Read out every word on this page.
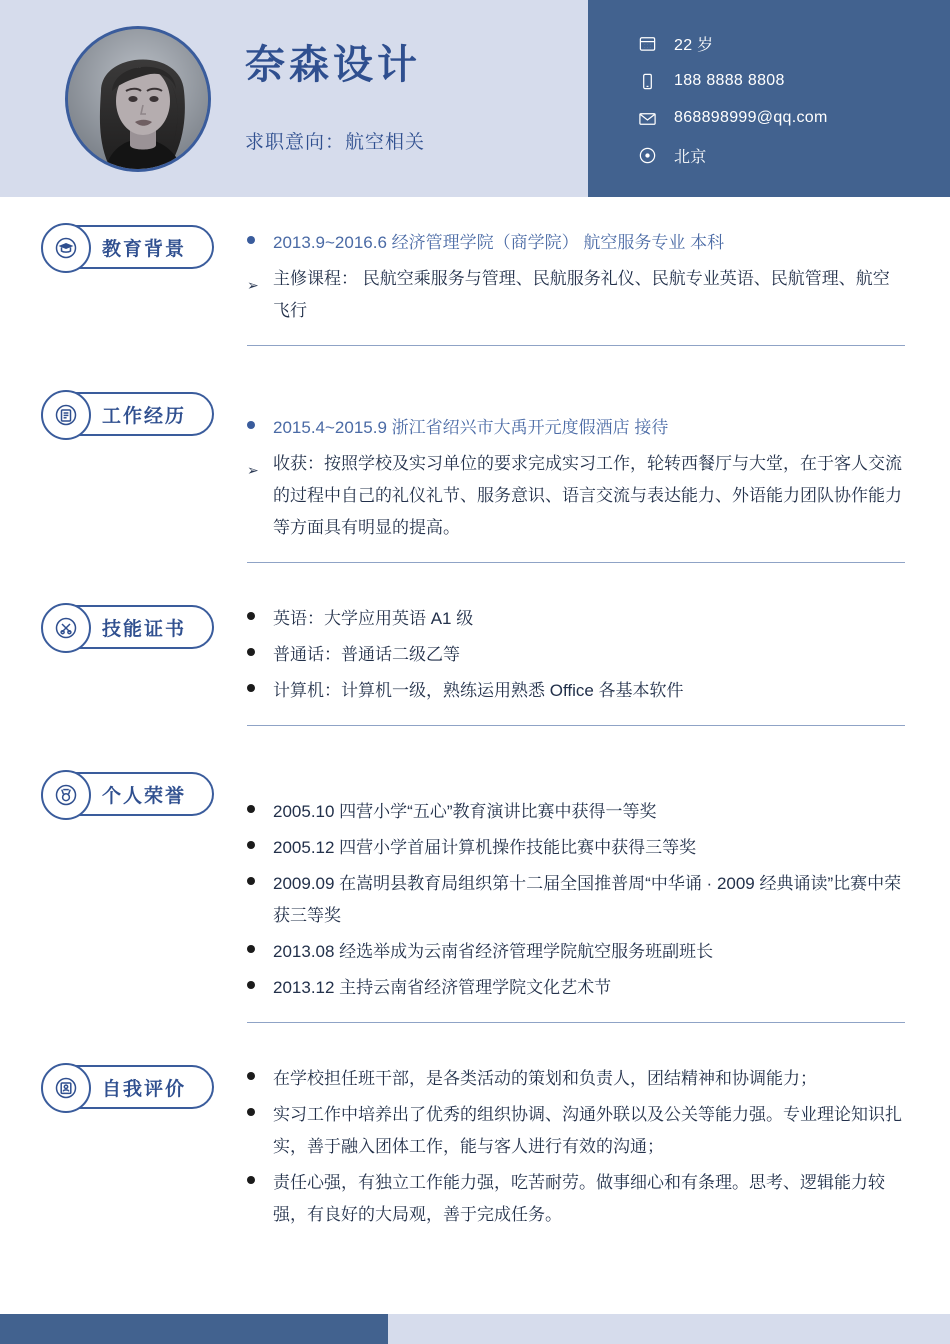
奈森设计
求职意向：航空相关
22 岁
188 8888 8808
868898999@qq.com
北京
教育背景	2013.9~2016.6 经济管理学院（商学院） 航空服务专业 本科
➢ 主修课程： 民航空乘服务与管理、民航服务礼仪、民航专业英语、民航管理、航空飞行
工作经历
2015.4~2015.9 浙江省绍兴市大禹开元度假酒店 接待
➢ 收获：按照学校及实习单位的要求完成实习工作，轮转西餐厅与大堂，在于客人交流的过程中自己的礼仪礼节、服务意识、语言交流与表达能力、外语能力团队协作能力等方面具有明显的提高。
技能证书	英语：大学应用英语 A1 级
普通话：普通话二级乙等
计算机：计算机一级，熟练运用熟悉 Office 各基本软件
个人荣誉
2005.10 四营小学“五心”教育演讲比赛中获得一等奖
2005.12 四营小学首届计算机操作技能比赛中获得三等奖
2009.09 在嵩明县教育局组织第十二届全国推普周“中华诵 · 2009 经典诵读”比赛中荣获三等奖
2013.08 经选举成为云南省经济管理学院航空服务班副班长
2013.12 主持云南省经济管理学院文化艺术节
自我评价	在学校担任班干部，是各类活动的策划和负责人，团结精神和协调能力；
实习工作中培养出了优秀的组织协调、沟通外联以及公关等能力强。专业理论知识扎实，善于融入团体工作，能与客人进行有效的沟通；
责任心强，有独立工作能力强，吃苦耐劳。做事细心和有条理。思考、逻辑能力较强，有良好的大局观，善于完成任务。
